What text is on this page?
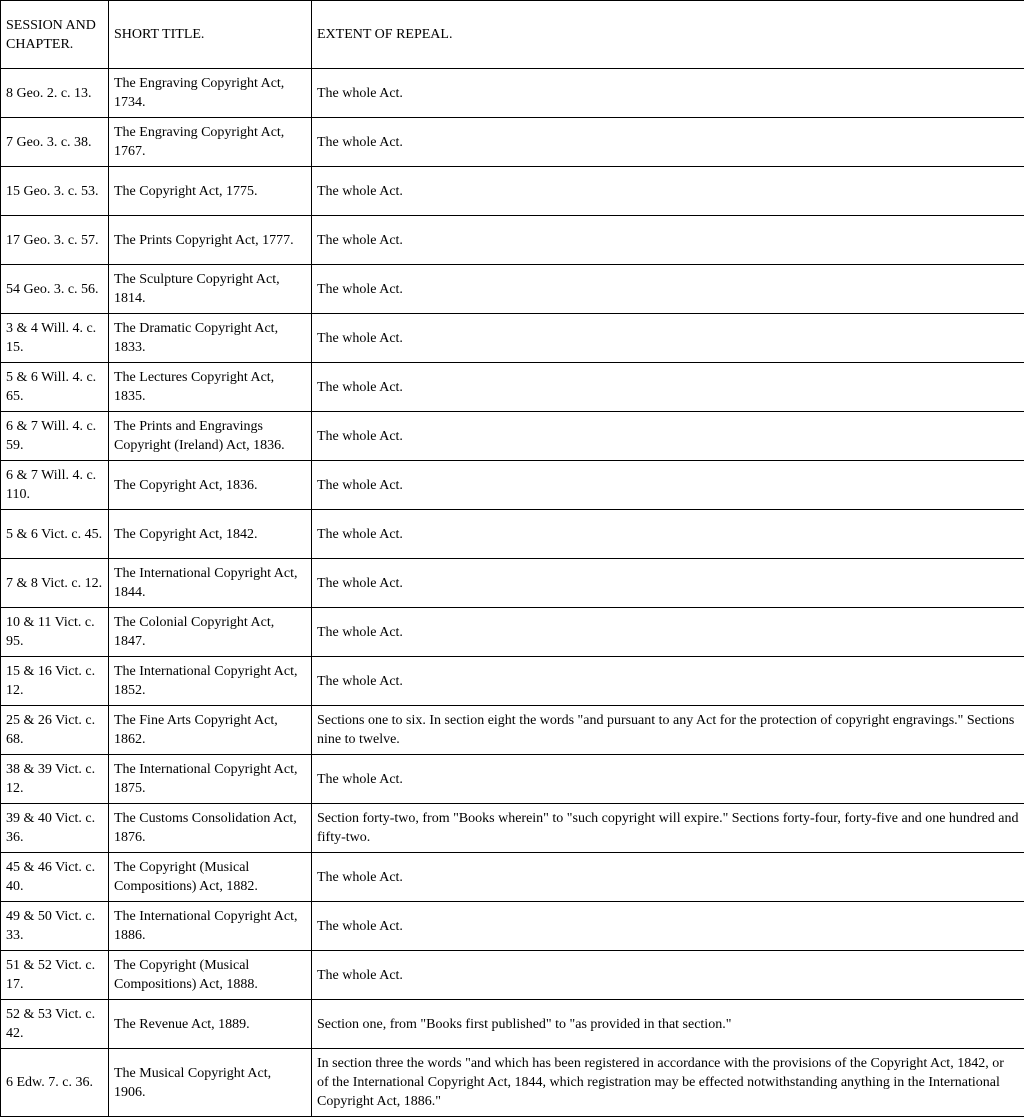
SESSION AND CHAPTER.	SHORT TITLE.	EXTENT OF REPEAL.
8 Geo. 2. c. 13.	The Engraving Copyright Act, 1734.	The whole Act.
7 Geo. 3. c. 38.	The Engraving Copyright Act, 1767.	The whole Act.
15 Geo. 3. c. 53.	The Copyright Act, 1775.	The whole Act.
17 Geo. 3. c. 57.	The Prints Copyright Act, 1777.	The whole Act.
54 Geo. 3. c. 56.	The Sculpture Copyright Act, 1814.	The whole Act.
3 & 4 Will. 4. c. 15.	The Dramatic Copyright Act, 1833.	The whole Act.
5 & 6 Will. 4. c. 65.	The Lectures Copyright Act, 1835.	The whole Act.
6 & 7 Will. 4. c. 59.	The Prints and Engravings Copyright (Ireland) Act, 1836.	The whole Act.
6 & 7 Will. 4. c. 110.	The Copyright Act, 1836.	The whole Act.
5 & 6 Vict. c. 45.	The Copyright Act, 1842.	The whole Act.
7 & 8 Vict. c. 12.	The International Copyright Act, 1844.	The whole Act.
10 & 11 Vict. c. 95.	The Colonial Copyright Act, 1847.	The whole Act.
15 & 16 Vict. c. 12.	The International Copyright Act, 1852.	The whole Act.
25 & 26 Vict. c. 68.	The Fine Arts Copyright Act, 1862.	Sections one to six. In section eight the words "and pursuant to any Act for the protection of copyright engravings." Sections nine to twelve.
38 & 39 Vict. c. 12.	The International Copyright Act, 1875.	The whole Act.
39 & 40 Vict. c. 36.	The Customs Consolidation Act, 1876.	Section forty-two, from "Books wherein" to "such copyright will expire." Sections forty-four, forty-five and one hundred and fifty-two.
45 & 46 Vict. c. 40.	The Copyright (Musical Compositions) Act, 1882.	The whole Act.
49 & 50 Vict. c. 33.	The International Copyright Act, 1886.	The whole Act.
51 & 52 Vict. c. 17.	The Copyright (Musical Compositions) Act, 1888.	The whole Act.
52 & 53 Vict. c. 42.	The Revenue Act, 1889.	Section one, from "Books first published" to "as provided in that section."
6 Edw. 7. c. 36.	The Musical Copyright Act, 1906.	In section three the words "and which has been registered in accordance with the provisions of the Copyright Act, 1842, or of the International Copyright Act, 1844, which registration may be effected notwithstanding anything in the International Copyright Act, 1886."
